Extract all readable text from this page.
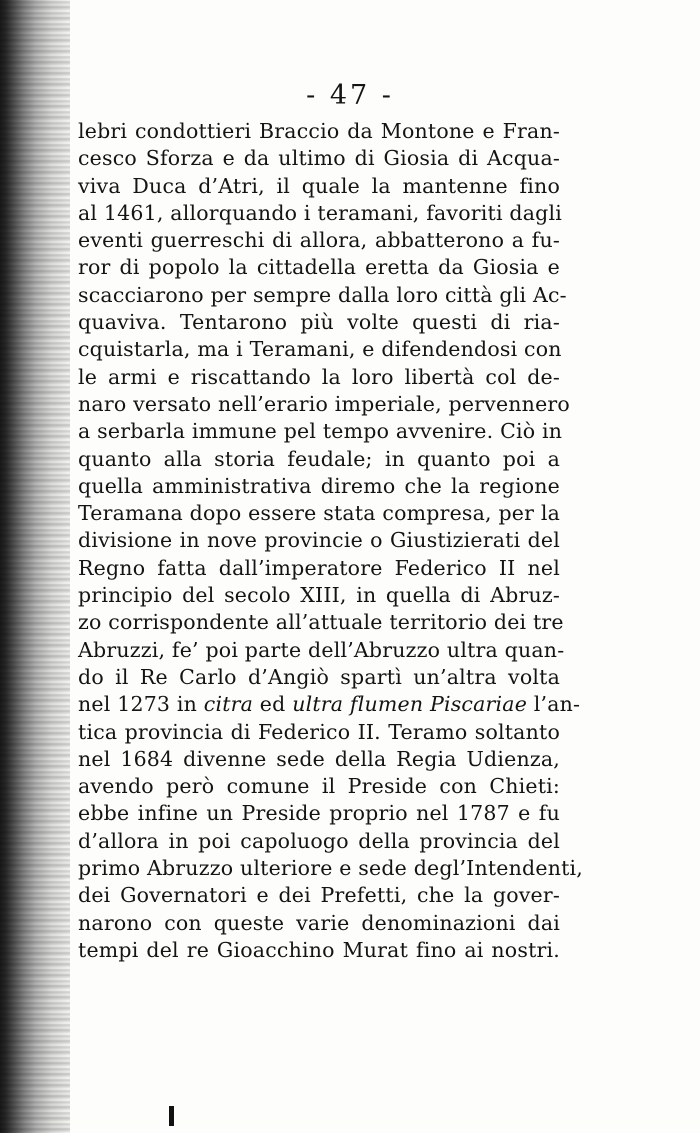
- 47 -
lebri condottieri Braccio da Montone e Fran-
cesco Sforza e da ultimo di Giosia di Acqua-
viva Duca d’Atri, il quale la mantenne fino
al 1461, allorquando i teramani, favoriti dagli
eventi guerreschi di allora, abbatterono a fu-
ror di popolo la cittadella eretta da Giosia e
scacciarono per sempre dalla loro città gli Ac-
quaviva. Tentarono più volte questi di ria-
cquistarla, ma i Teramani, e difendendosi con
le armi e riscattando la loro libertà col de-
naro versato nell’erario imperiale, pervennero
a serbarla immune pel tempo avvenire. Ciò in
quanto alla storia feudale; in quanto poi a
quella amministrativa diremo che la regione
Teramana dopo essere stata compresa, per la
divisione in nove provincie o Giustizierati del
Regno fatta dall’imperatore Federico II nel
principio del secolo XIII, in quella di Abruz-
zo corrispondente all’attuale territorio dei tre
Abruzzi, fe’ poi parte dell’Abruzzo ultra quan-
do il Re Carlo d’Angiò spartì un’altra volta
nel 1273 in citra ed ultra flumen Piscariae l’an-
tica provincia di Federico II. Teramo soltanto
nel 1684 divenne sede della Regia Udienza,
avendo però comune il Preside con Chieti:
ebbe infine un Preside proprio nel 1787 e fu
d’allora in poi capoluogo della provincia del
primo Abruzzo ulteriore e sede degl’Intendenti,
dei Governatori e dei Prefetti, che la gover-
narono con queste varie denominazioni dai
tempi del re Gioacchino Murat fino ai nostri.
